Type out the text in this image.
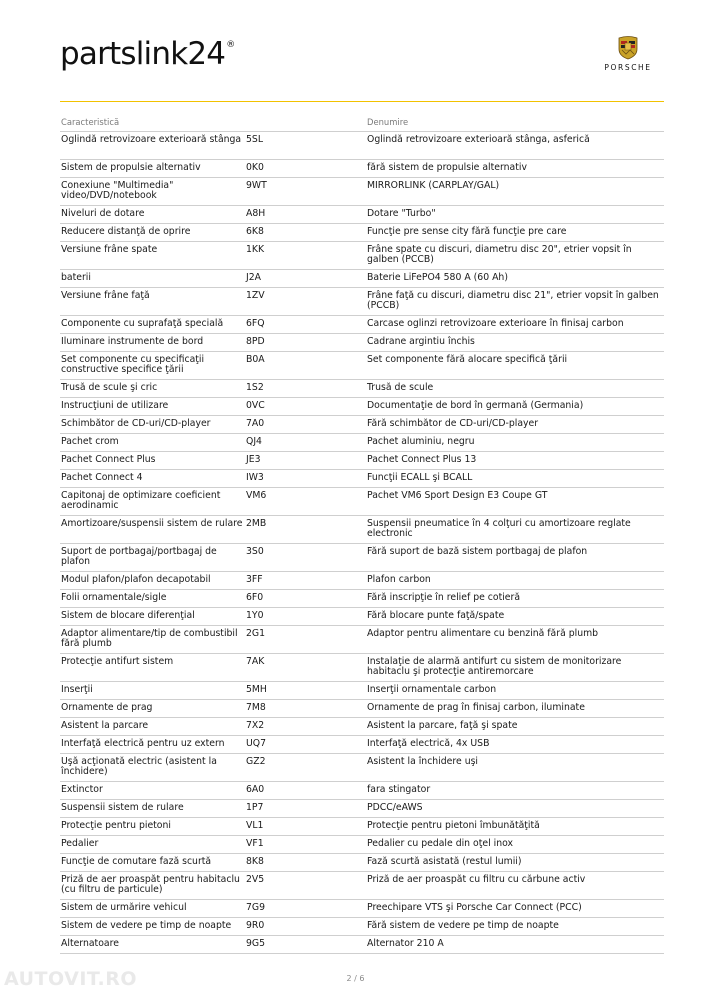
partslink24®
PORSCHE
Caracteristică		Denumire
Oglindă retrovizoare exterioară stânga	5SL	Oglindă retrovizoare exterioară stânga, asferică
Sistem de propulsie alternativ	0K0	fără sistem de propulsie alternativ
Conexiune "Multimedia" video/DVD/notebook	9WT	MIRRORLINK (CARPLAY/GAL)
Niveluri de dotare	A8H	Dotare "Turbo"
Reducere distanţă de oprire	6K8	Funcţie pre sense city fără funcţie pre care
Versiune frâne spate	1KK	Frâne spate cu discuri, diametru disc 20", etrier vopsit în galben (PCCB)
baterii	J2A	Baterie LiFePO4 580 A (60 Ah)
Versiune frâne faţă	1ZV	Frâne faţă cu discuri, diametru disc 21", etrier vopsit în galben (PCCB)
Componente cu suprafaţă specială	6FQ	Carcase oglinzi retrovizoare exterioare în finisaj carbon
Iluminare instrumente de bord	8PD	Cadrane argintiu închis
Set componente cu specificaţii constructive specifice ţării	B0A	Set componente fără alocare specifică ţării
Trusă de scule şi cric	1S2	Trusă de scule
Instrucţiuni de utilizare	0VC	Documentaţie de bord în germană (Germania)
Schimbător de CD-uri/CD-player	7A0	Fără schimbător de CD-uri/CD-player
Pachet crom	QJ4	Pachet aluminiu, negru
Pachet Connect Plus	JE3	Pachet Connect Plus 13
Pachet Connect 4	IW3	Funcţii ECALL şi BCALL
Capitonaj de optimizare coeficient aerodinamic	VM6	Pachet VM6 Sport Design E3 Coupe GT
Amortizoare/suspensii sistem de rulare	2MB	Suspensii pneumatice în 4 colţuri cu amortizoare reglate electronic
Suport de portbagaj/portbagaj de plafon	3S0	Fără suport de bază sistem portbagaj de plafon
Modul plafon/plafon decapotabil	3FF	Plafon carbon
Folii ornamentale/sigle	6F0	Fără inscripţie în relief pe cotieră
Sistem de blocare diferenţial	1Y0	Fără blocare punte faţă/spate
Adaptor alimentare/tip de combustibil fără plumb	2G1	Adaptor pentru alimentare cu benzină fără plumb
Protecţie antifurt sistem	7AK	Instalaţie de alarmă antifurt cu sistem de monitorizare habitaclu şi protecţie antiremorcare
Inserţii	5MH	Inserţii ornamentale carbon
Ornamente de prag	7M8	Ornamente de prag în finisaj carbon, iluminate
Asistent la parcare	7X2	Asistent la parcare, faţă şi spate
Interfaţă electrică pentru uz extern	UQ7	Interfaţă electrică, 4x USB
Uşă acţionată electric (asistent la închidere)	GZ2	Asistent la închidere uşi
Extinctor	6A0	fara stingator
Suspensii sistem de rulare	1P7	PDCC/eAWS
Protecţie pentru pietoni	VL1	Protecţie pentru pietoni îmbunătăţită
Pedalier	VF1	Pedalier cu pedale din oţel inox
Funcţie de comutare fază scurtă	8K8	Fază scurtă asistată (restul lumii)
Priză de aer proaspăt pentru habitaclu (cu filtru de particule)	2V5	Priză de aer proaspăt cu filtru cu cărbune activ
Sistem de urmărire vehicul	7G9	Preechipare VTS şi Porsche Car Connect (PCC)
Sistem de vedere pe timp de noapte	9R0	Fără sistem de vedere pe timp de noapte
Alternatoare	9G5	Alternator 210 A
2 / 6
AUTOVIT.RO
